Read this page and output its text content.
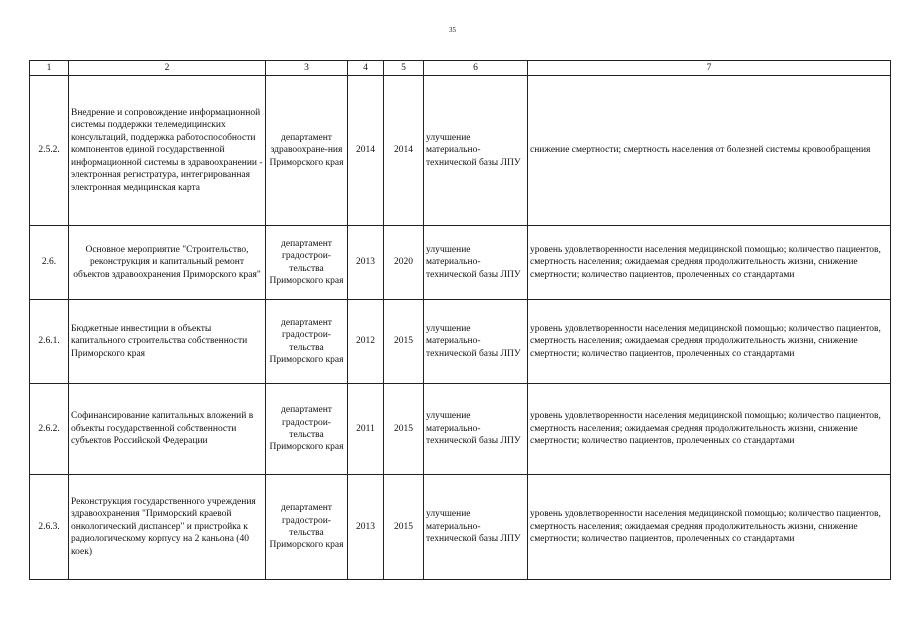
35
1	2	3	4	5	6	7
2.5.2.	Внедрение и сопровождение информационной системы поддержки телемедицинских консультаций, поддержка работоспособности компонентов единой государственной информационной системы в здравоохранении - электронная регистратура, интегрированная электронная медицинская карта	департамент здравоохране-ния Приморского края	2014	2014	улучшение материально-технической базы ЛПУ	снижение смертности; смертность населения от болезней системы кровообращения
2.6.	Основное мероприятие "Строительство, реконструкция и капитальный ремонт объектов здравоохранения Приморского края"	департамент градострои-тельства Приморского края	2013	2020	улучшение материально-технической базы ЛПУ	уровень удовлетворенности населения медицинской помощью; количество пациентов, смертность населения; ожидаемая средняя продолжительность жизни, снижение смертности; количество пациентов, пролеченных со стандартами
2.6.1.	Бюджетные инвестиции в объекты капитального строительства собственности Приморского края	департамент градострои-тельства Приморского края	2012	2015	улучшение материально-технической базы ЛПУ	уровень удовлетворенности населения медицинской помощью; количество пациентов, смертность населения; ожидаемая средняя продолжительность жизни, снижение смертности; количество пациентов, пролеченных со стандартами
2.6.2.	Софинансирование капитальных вложений в объекты государственной собственности субъектов Российской Федерации	департамент градострои-тельства Приморского края	2011	2015	улучшение материально-технической базы ЛПУ	уровень удовлетворенности населения медицинской помощью; количество пациентов, смертность населения; ожидаемая средняя продолжительность жизни, снижение смертности; количество пациентов, пролеченных со стандартами
2.6.3.	Реконструкция государственного учреждения здравоохранения "Приморский краевой онкологический диспансер" и пристройка к радиологическому корпусу на 2 каньона (40 коек)	департамент градострои-тельства Приморского края	2013	2015	улучшение материально-технической базы ЛПУ	уровень удовлетворенности населения медицинской помощью; количество пациентов, смертность населения; ожидаемая средняя продолжительность жизни, снижение смертности; количество пациентов, пролеченных со стандартами
